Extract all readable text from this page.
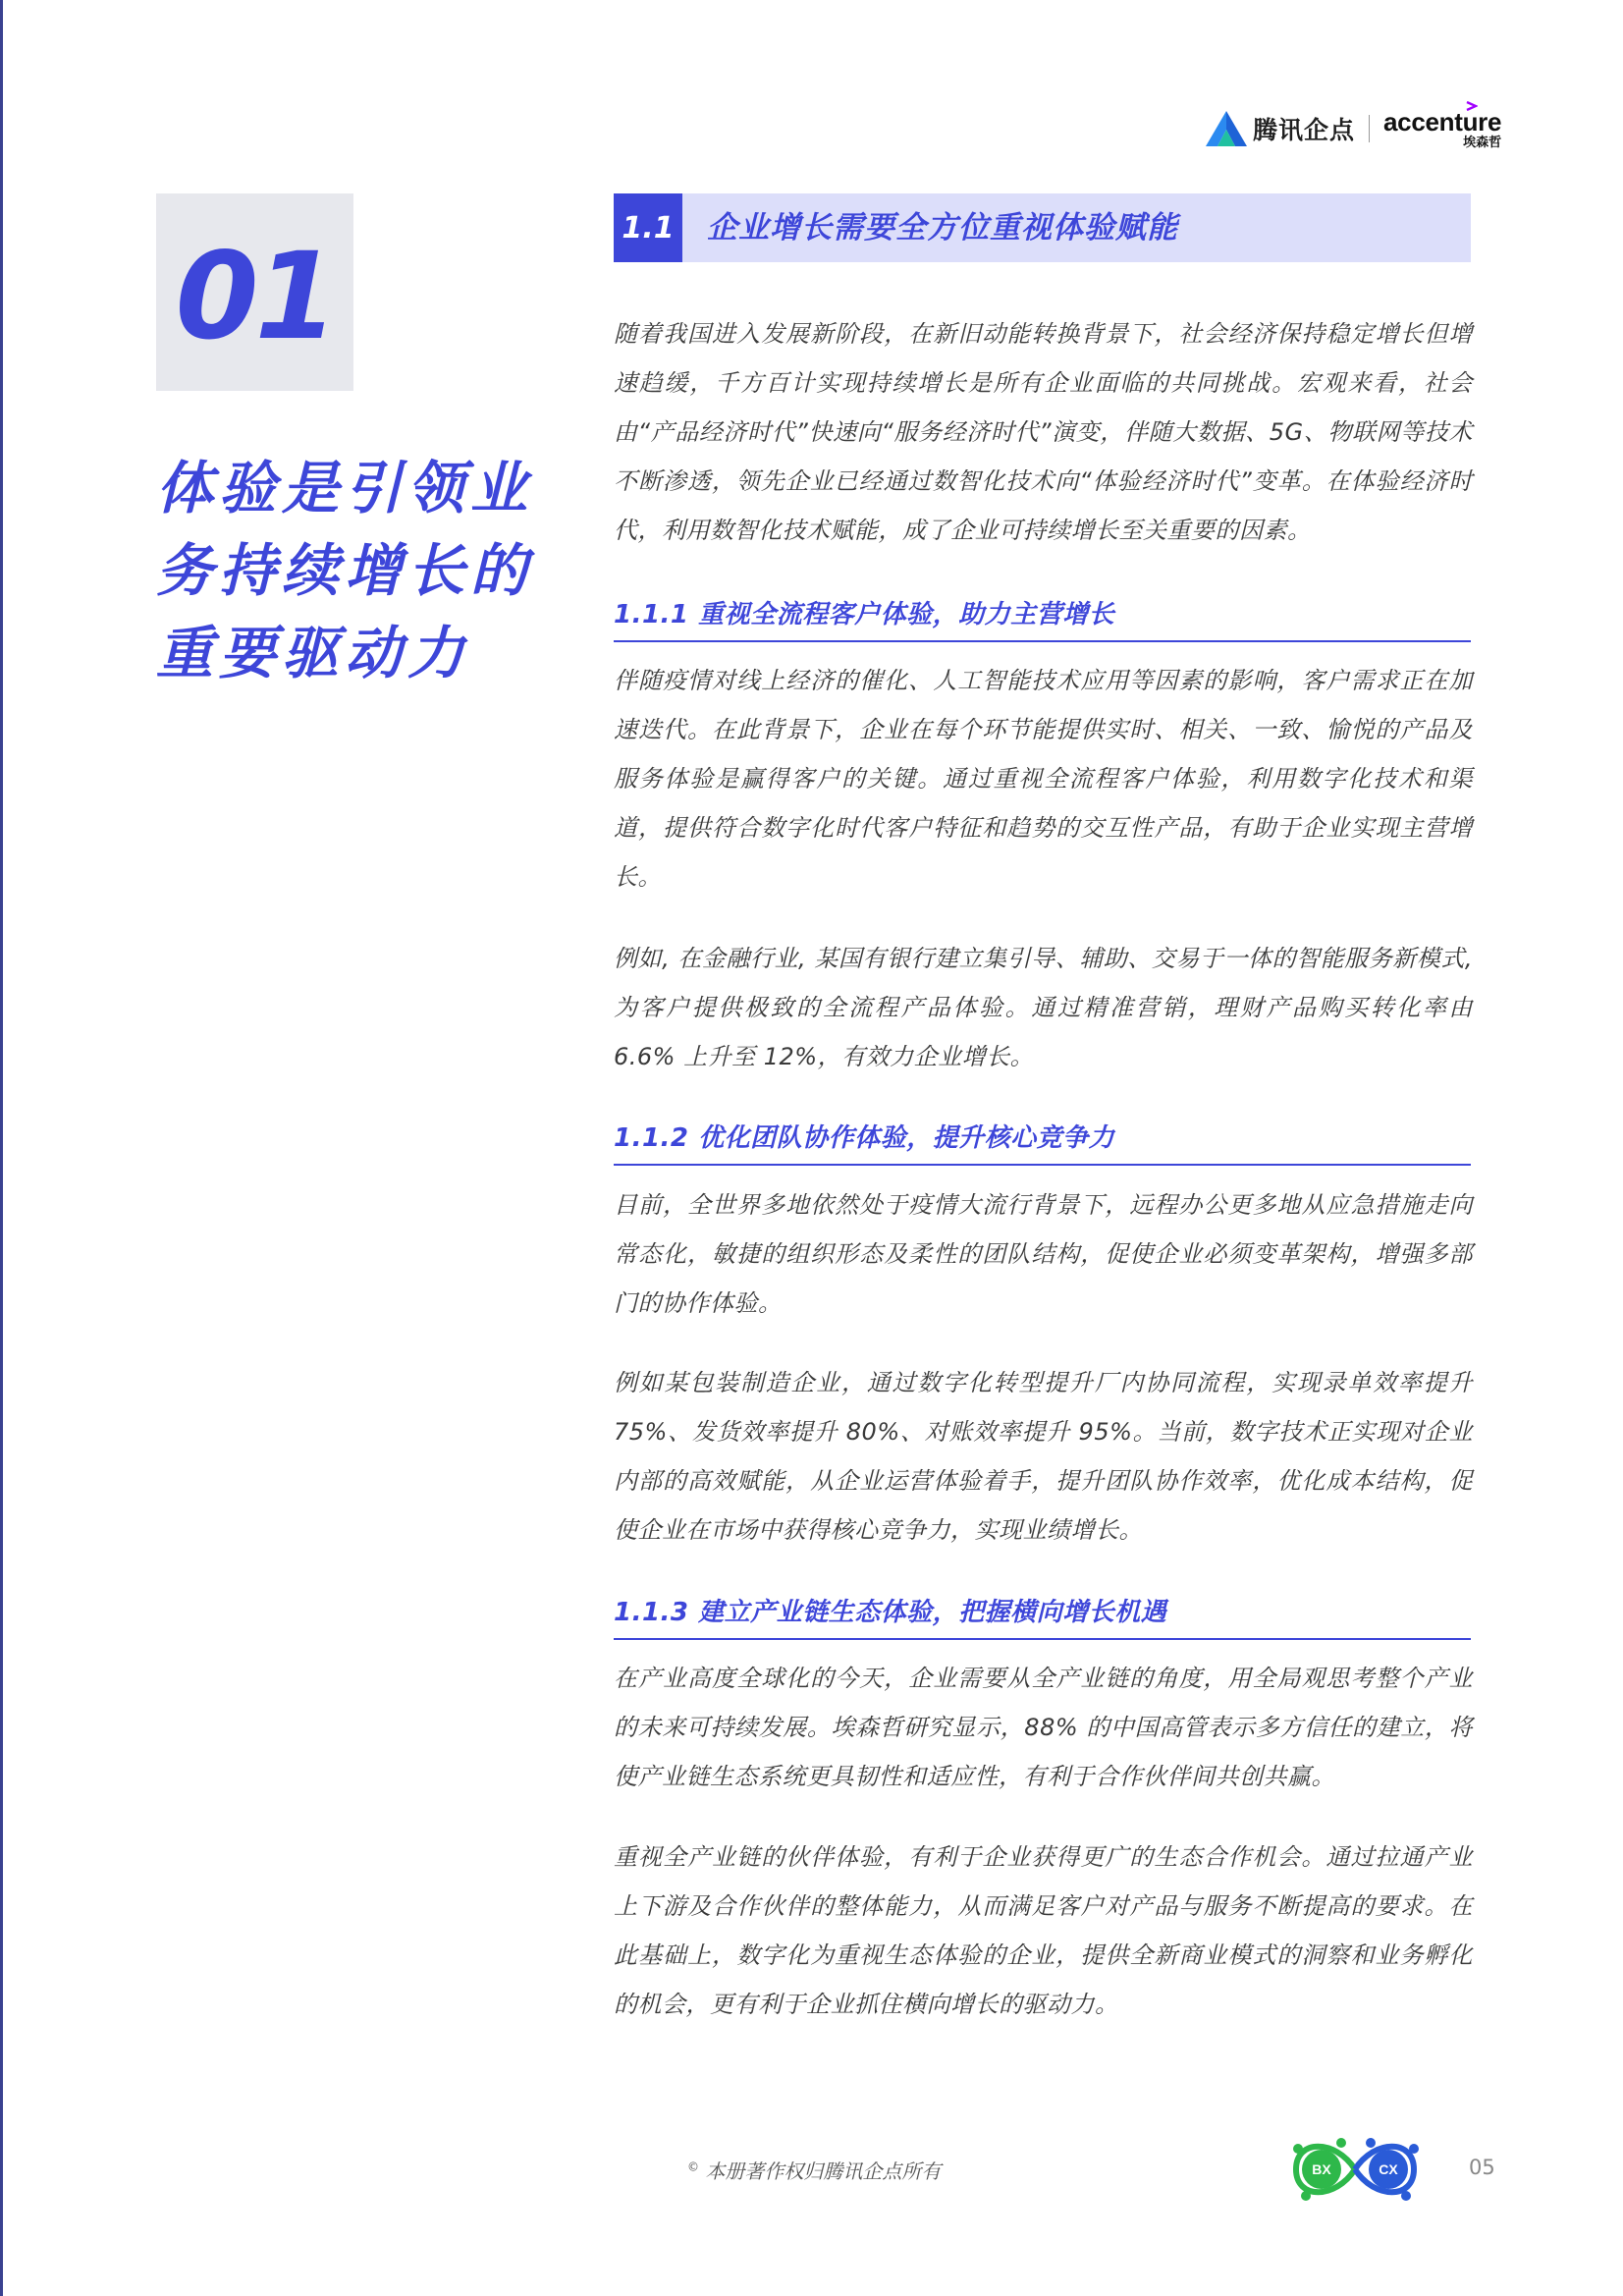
腾讯企点 accenture
埃森哲
01
体验是引领业务持续增长的重要驱动力
1.1 企业增长需要全方位重视体验赋能
随着我国进入发展新阶段，在新旧动能转换背景下，社会经济保持稳定增长但增速趋缓，千方百计实现持续增长是所有企业面临的共同挑战。宏观来看，社会由“产品经济时代”快速向“服务经济时代”演变，伴随大数据、5G、物联网等技术不断渗透，领先企业已经通过数智化技术向“体验经济时代”变革。在体验经济时代，利用数智化技术赋能，成了企业可持续增长至关重要的因素。
1.1.1 重视全流程客户体验，助力主营增长
伴随疫情对线上经济的催化、人工智能技术应用等因素的影响，客户需求正在加速迭代。在此背景下，企业在每个环节能提供实时、相关、一致、愉悦的产品及服务体验是赢得客户的关键。通过重视全流程客户体验，利用数字化技术和渠道，提供符合数字化时代客户特征和趋势的交互性产品，有助于企业实现主营增长。
例如, 在金融行业, 某国有银行建立集引导、辅助、交易于一体的智能服务新模式, 为客户提供极致的全流程产品体验。通过精准营销，理财产品购买转化率由 6.6% 上升至 12%，有效力企业增长。
1.1.2 优化团队协作体验，提升核心竞争力
目前，全世界多地依然处于疫情大流行背景下，远程办公更多地从应急措施走向常态化，敏捷的组织形态及柔性的团队结构，促使企业必须变革架构，增强多部门的协作体验。
例如某包装制造企业，通过数字化转型提升厂内协同流程，实现录单效率提升 75%、发货效率提升 80%、对账效率提升 95%。当前，数字技术正实现对企业内部的高效赋能，从企业运营体验着手，提升团队协作效率，优化成本结构，促使企业在市场中获得核心竞争力，实现业绩增长。
1.1.3 建立产业链生态体验，把握横向增长机遇
在产业高度全球化的今天，企业需要从全产业链的角度，用全局观思考整个产业的未来可持续发展。埃森哲研究显示，88% 的中国高管表示多方信任的建立，将使产业链生态系统更具韧性和适应性，有利于合作伙伴间共创共赢。
重视全产业链的伙伴体验，有利于企业获得更广的生态合作机会。通过拉通产业上下游及合作伙伴的整体能力，从而满足客户对产品与服务不断提高的要求。在此基础上，数字化为重视生态体验的企业，提供全新商业模式的洞察和业务孵化的机会，更有利于企业抓住横向增长的驱动力。
© 本册著作权归腾讯企点所有	BX	CX	05
